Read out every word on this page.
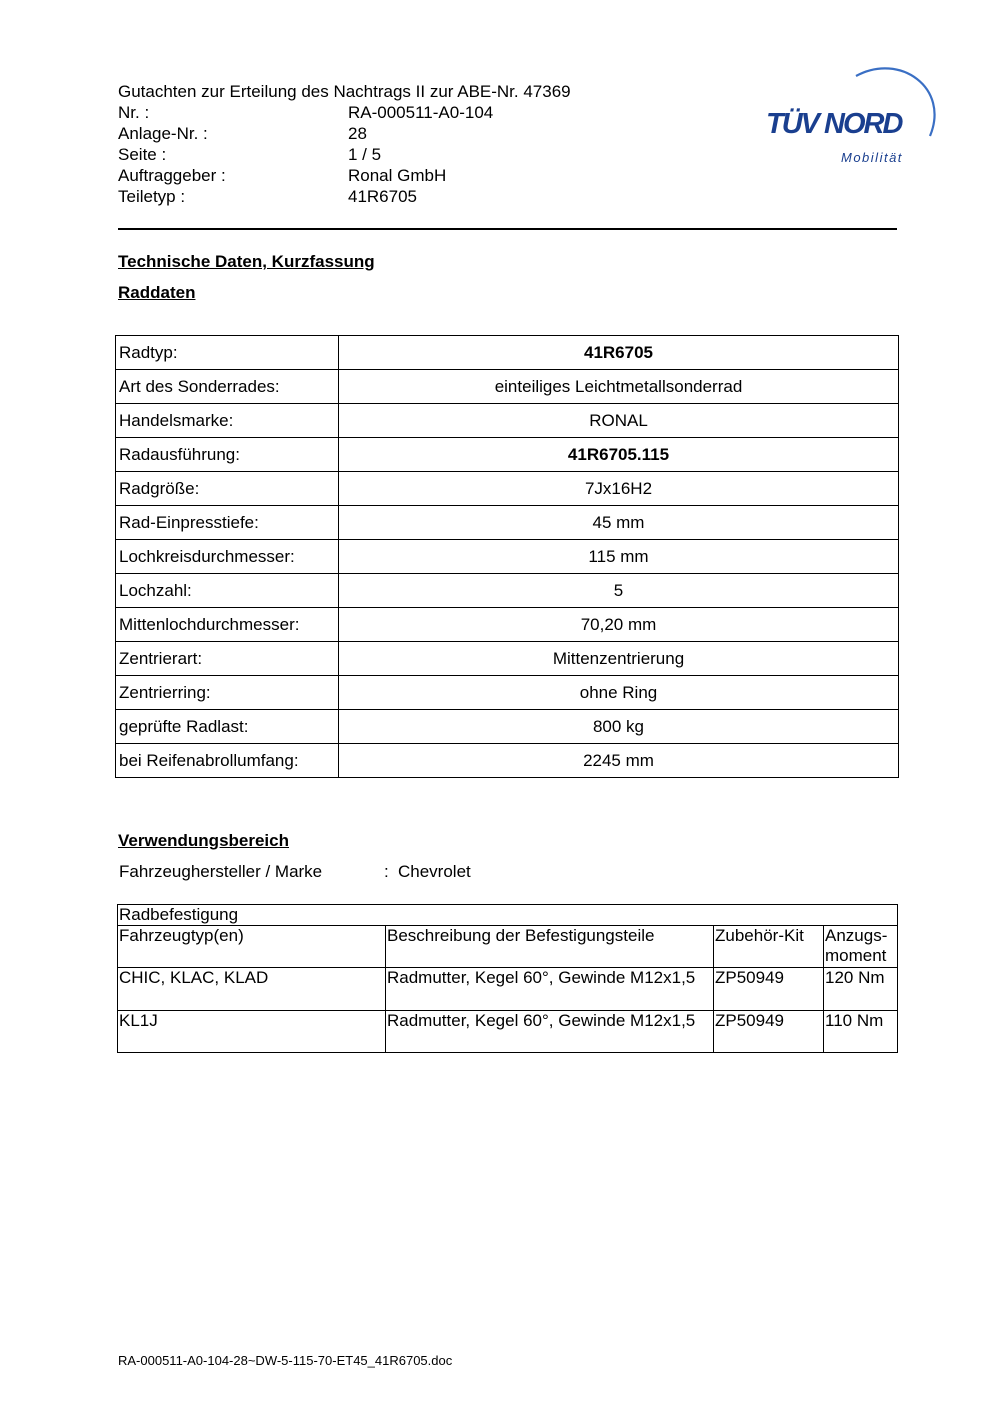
Gutachten zur Erteilung des Nachtrags II zur ABE-Nr. 47369
Nr. :	RA-000511-A0-104
Anlage-Nr. :	28
Seite :	1 / 5
Auftraggeber :	Ronal GmbH
Teiletyp :	41R6705
TÜV NORD
Mobilität
Technische Daten, Kurzfassung
Raddaten
Radtyp:	41R6705
Art des Sonderrades:	einteiliges Leichtmetallsonderrad
Handelsmarke:	RONAL
Radausführung:	41R6705.115
Radgröße:	7Jx16H2
Rad-Einpresstiefe:	45 mm
Lochkreisdurchmesser:	115 mm
Lochzahl:	5
Mittenlochdurchmesser:	70,20 mm
Zentrierart:	Mittenzentrierung
Zentrierring:	ohne Ring
geprüfte Radlast:	800 kg
bei Reifenabrollumfang:	2245 mm
Verwendungsbereich
Fahrzeughersteller / Marke	: Chevrolet
Radbefestigung			
Fahrzeugtyp(en)	Beschreibung der Befestigungsteile	Zubehör-Kit	Anzugs-
moment
CHIC, KLAC, KLAD	Radmutter, Kegel 60°, Gewinde M12x1,5	ZP50949	120 Nm
KL1J	Radmutter, Kegel 60°, Gewinde M12x1,5	ZP50949	110 Nm
RA-000511-A0-104-28~DW-5-115-70-ET45_41R6705.doc
